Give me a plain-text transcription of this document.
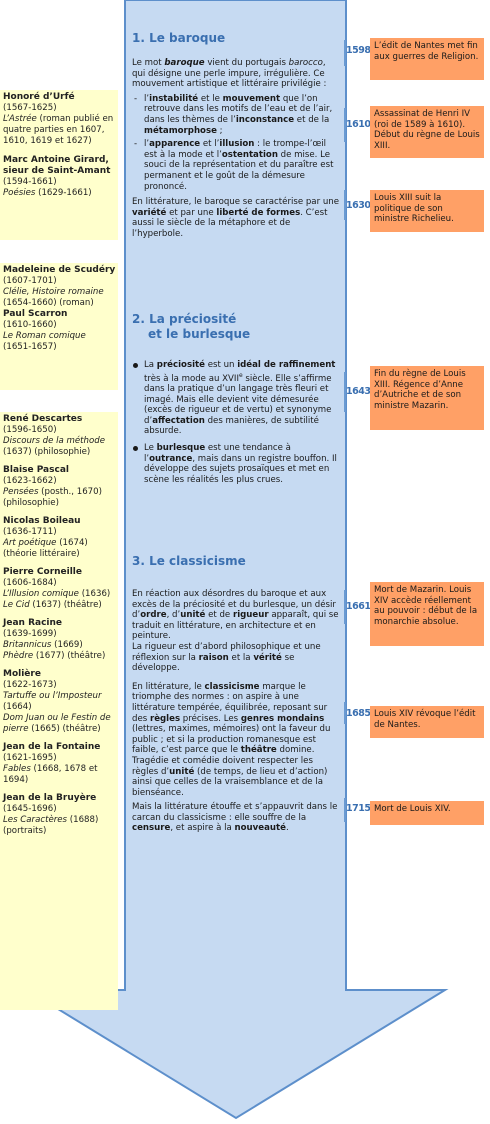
1. Le baroque

Le mot baroque vient du portugais barocco, qui désigne une perle impure, irrégulière. Ce mouvement artistique et littéraire privilégie :

- l’instabilité et le mouvement que l’on retrouve dans les motifs de l’eau et de l’air, dans les thèmes de l’inconstance et de la métamorphose ;
- l’apparence et l’illusion : le trompe-l’œil est à la mode et l’ostentation de mise. Le souci de la représentation et du paraître est permanent et le goût de la démesure prononcé.

En littérature, le baroque se caractérise par une variété et par une liberté de formes. C’est aussi le siècle de la métaphore et de l’hyperbole.

2. La préciosité
et le burlesque
La préciosité est un idéal de raffinement très à la mode au XVIIe siècle. Elle s’affirme dans la pratique d’un langage très fleuri et imagé. Mais elle devient vite démesurée (excès de rigueur et de vertu) et synonyme d’affectation des manières, de subtilité absurde.
Le burlesque est une tendance à l’outrance, mais dans un registre bouffon. Il développe des sujets prosaïques et met en scène les réalités les plus crues.
3. Le classicisme

En réaction aux désordres du baroque et aux excès de la préciosité et du burlesque, un désir d’ordre, d’unité et de rigueur apparaît, qui se traduit en littérature, en architecture et en peinture.

La rigueur est d’abord philosophique et une réflexion sur la raison et la vérité se développe.

En littérature, le classicisme marque le triomphe des normes : on aspire à une littérature tempérée, équilibrée, reposant sur des règles précises. Les genres mondains (lettres, maximes, mémoires) ont la faveur du public ; et si la production romanesque est faible, c’est parce que le théâtre domine. Tragédie et comédie doivent respecter les règles d’unité (de temps, de lieu et d’action) ainsi que celles de la vraisemblance et de la bienséance.

Mais la littérature étouffe et s’appauvrit dans le carcan du classicisme : elle souffre de la censure, et aspire à la nouveauté.

Honoré d’Urfé
(1567-1625)
L’Astrée (roman publié en quatre parties en 1607, 1610, 1619 et 1627)
Marc Antoine Girard, sieur de Saint-Amant
(1594-1661)
Poésies (1629-1661)
Madeleine de Scudéry
(1607-1701)
Clélie, Histoire romaine (1654-1660) (roman)
Paul Scarron
(1610-1660)
Le Roman comique (1651-1657)
René Descartes
(1596-1650)
Discours de la méthode (1637) (philosophie)
Blaise Pascal
(1623-1662)
Pensées (posth., 1670) (philosophie)
Nicolas Boileau
(1636-1711)
Art poétique (1674) (théorie littéraire)
Pierre Corneille
(1606-1684)
L’Illusion comique (1636)
Le Cid (1637) (théâtre)
Jean Racine
(1639-1699)
Britannicus (1669)
Phèdre (1677) (théâtre)
Molière
(1622-1673)
Tartuffe ou l’Imposteur (1664)
Dom Juan ou le Festin de pierre (1665) (théâtre)
Jean de la Fontaine
(1621-1695)
Fables (1668, 1678 et 1694)
Jean de la Bruyère
(1645-1696)
Les Caractères (1688) (portraits)
1598 L’édit de Nantes met fin aux guerres de Religion.
1610
Assassinat de Henri IV (roi de 1589 à 1610). Début du règne de Louis XIII.
1630
Louis XIII suit la politique de son ministre Richelieu.
1643
Fin du règne de Louis XIII. Régence d’Anne d’Autriche et de son ministre Mazarin.
1661
Mort de Mazarin. Louis XIV accède réellement au pouvoir : début de la monarchie absolue.
1685 Louis XIV révoque l’édit de Nantes.
1715 Mort de Louis XIV.
